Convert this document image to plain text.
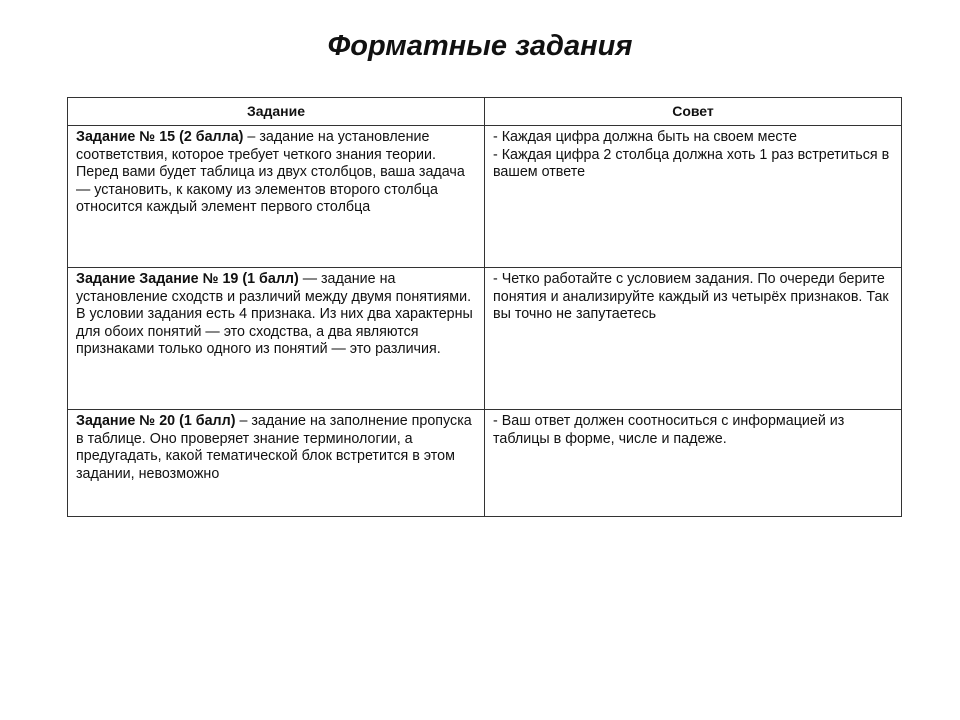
Форматные задания
Задание	Совет
Задание № 15 (2 балла) – задание на установление соответствия, которое требует четкого знания теории. Перед вами будет таблица из двух столбцов, ваша задача — установить, к какому из элементов второго столбца относится каждый элемент первого столбца	- Каждая цифра должна быть на своем месте
- Каждая цифра 2 столбца должна хоть 1 раз встретиться в вашем ответе

Задание Задание № 19 (1 балл) — задание на установление сходств и различий между двумя понятиями. В условии задания есть 4 признака. Из них два характерны для обоих понятий — это сходства, а два являются признаками только одного из понятий — это различия.	- Четко работайте с условием задания. По очереди берите понятия и анализируйте каждый из четырёх признаков. Так вы точно не запутаетесь

Задание № 20 (1 балл) – задание на заполнение пропуска в таблице. Оно проверяет знание терминологии, а предугадать, какой тематической блок встретится в этом задании, невозможно	- Ваш ответ должен соотноситься с информацией из таблицы в форме, числе и падеже.
